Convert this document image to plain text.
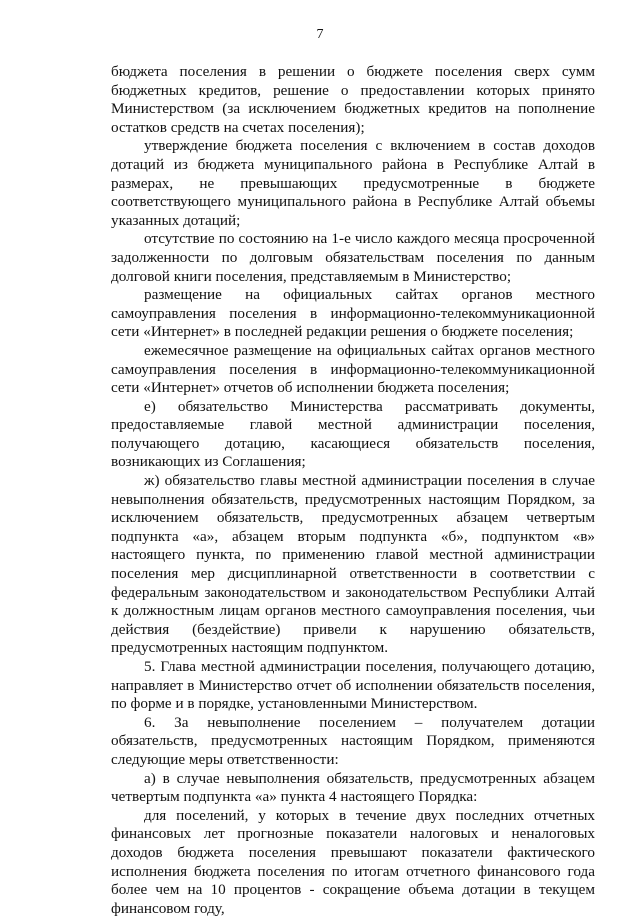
7

бюджета поселения в решении о бюджете поселения сверх сумм бюджетных кредитов, решение о предоставлении которых принято Министерством (за исключением бюджетных кредитов на пополнение остатков средств на счетах поселения);

утверждение бюджета поселения с включением в состав доходов дотаций из бюджета муниципального района в Республике Алтай в размерах, не превышающих предусмотренные в бюджете соответствующего муниципального района в Республике Алтай объемы указанных дотаций;

отсутствие по состоянию на 1-е число каждого месяца просроченной задолженности по долговым обязательствам поселения по данным долговой книги поселения, представляемым в Министерство;

размещение на официальных сайтах органов местного самоуправления поселения в информационно-телекоммуникационной сети «Интернет» в последней редакции решения о бюджете поселения;

ежемесячное размещение на официальных сайтах органов местного самоуправления поселения в информационно-телекоммуникационной сети «Интернет» отчетов об исполнении бюджета поселения;

е) обязательство Министерства рассматривать документы, предоставляемые главой местной администрации поселения, получающего дотацию, касающиеся обязательств поселения, возникающих из Соглашения;

ж) обязательство главы местной администрации поселения в случае невыполнения обязательств, предусмотренных настоящим Порядком, за исключением обязательств, предусмотренных абзацем четвертым подпункта «а», абзацем вторым подпункта «б», подпунктом «в» настоящего пункта, по применению главой местной администрации поселения мер дисциплинарной ответственности в соответствии с федеральным законодательством и законодательством Республики Алтай к должностным лицам органов местного самоуправления поселения, чьи действия (бездействие) привели к нарушению обязательств, предусмотренных настоящим подпунктом.

5. Глава местной администрации поселения, получающего дотацию, направляет в Министерство отчет об исполнении обязательств поселения, по форме и в порядке, установленными Министерством.

6. За невыполнение поселением – получателем дотации обязательств, предусмотренных настоящим Порядком, применяются следующие меры ответственности:

а) в случае невыполнения обязательств, предусмотренных абзацем четвертым подпункта «а» пункта 4 настоящего Порядка:

для поселений, у которых в течение двух последних отчетных финансовых лет прогнозные показатели налоговых и неналоговых доходов бюджета поселения превышают показатели фактического исполнения бюджета поселения по итогам отчетного финансового года более чем на 10 процентов - сокращение объема дотации в текущем финансовом году,
